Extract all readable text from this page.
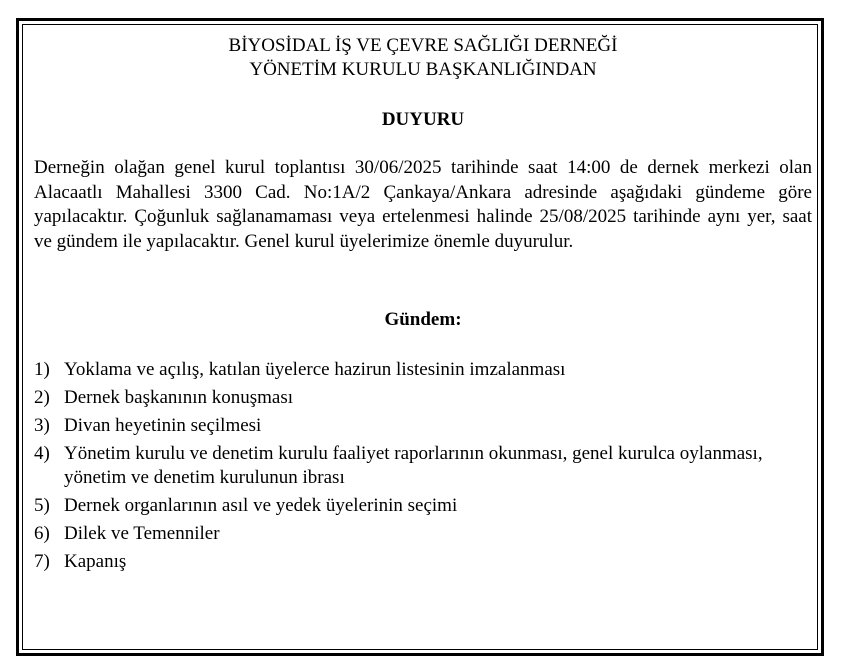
BİYOSİDAL İŞ VE ÇEVRE SAĞLIĞI DERNEĞİ

YÖNETİM KURULU BAŞKANLIĞINDAN

DUYURU

Derneğin olağan genel kurul toplantısı 30/06/2025 tarihinde saat 14:00 de dernek merkezi olan Alacaatlı Mahallesi 3300 Cad. No:1A/2 Çankaya/Ankara adresinde aşağıdaki gündeme göre yapılacaktır. Çoğunluk sağlanamaması veya ertelenmesi halinde 25/08/2025 tarihinde aynı yer, saat ve gündem ile yapılacaktır. Genel kurul üyelerimize önemle duyurulur.

Gündem:

1) Yoklama ve açılış, katılan üyelerce hazirun listesinin imzalanması
2) Dernek başkanının konuşması
3) Divan heyetinin seçilmesi
4) Yönetim kurulu ve denetim kurulu faaliyet raporlarının okunması, genel kurulca oylanması, yönetim ve denetim kurulunun ibrası
5) Dernek organlarının asıl ve yedek üyelerinin seçimi
6) Dilek ve Temenniler
7) Kapanış
